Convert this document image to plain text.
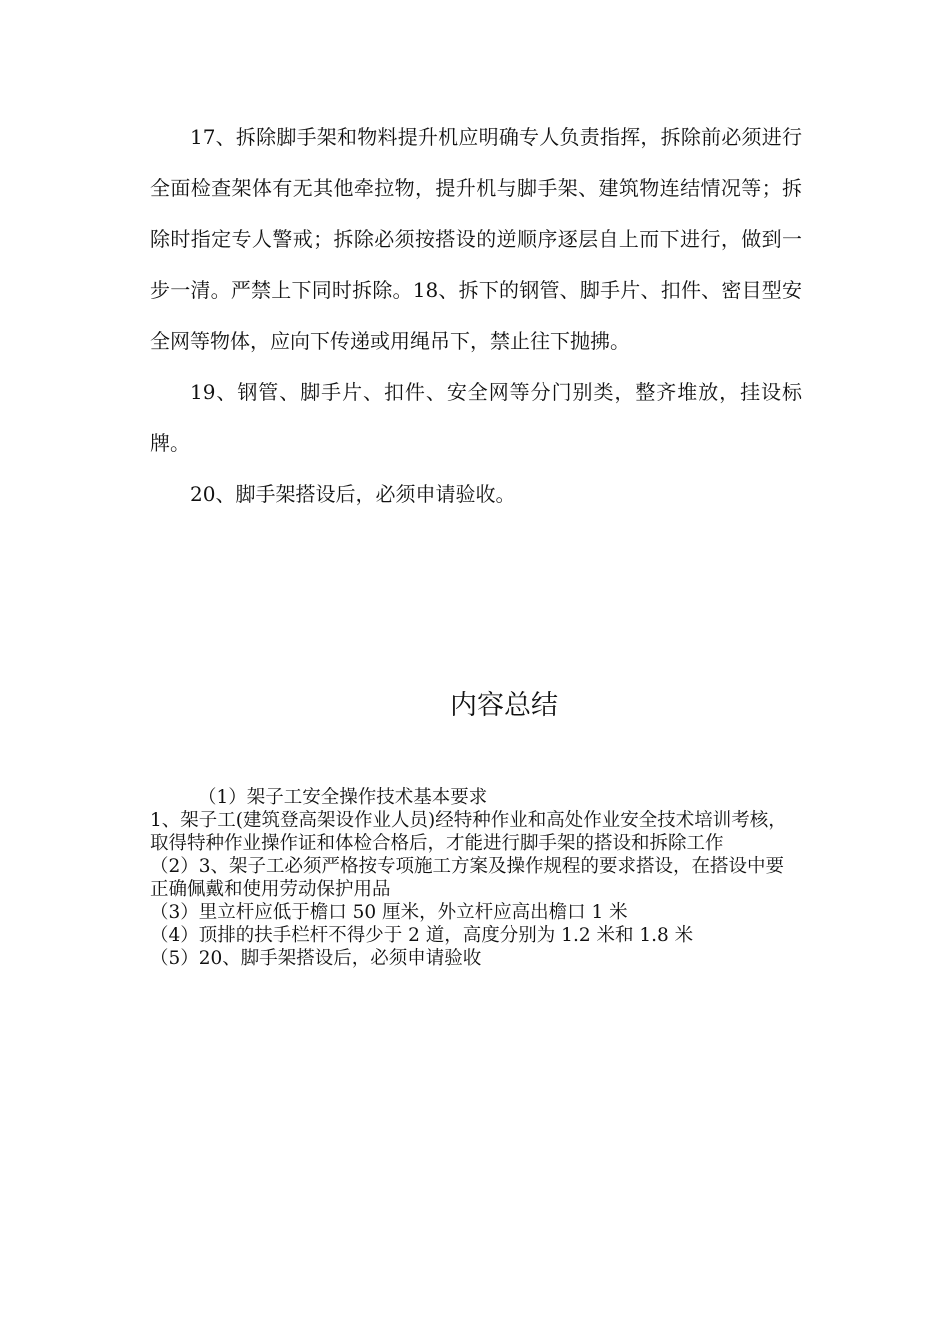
17、拆除脚手架和物料提升机应明确专人负责指挥，拆除前必须进行全面检查架体有无其他牵拉物，提升机与脚手架、建筑物连结情况等；拆除时指定专人警戒；拆除必须按搭设的逆顺序逐层自上而下进行，做到一步一清。严禁上下同时拆除。18、拆下的钢管、脚手片、扣件、密目型安全网等物体，应向下传递或用绳吊下，禁止往下抛拂。

19、钢管、脚手片、扣件、安全网等分门别类，整齐堆放，挂设标牌。

20、脚手架搭设后，必须申请验收。

内容总结

（1）架子工安全操作技术基本要求

1、架子工(建筑登高架设作业人员)经特种作业和高处作业安全技术培训考核，取得特种作业操作证和体检合格后，才能进行脚手架的搭设和拆除工作

（2）3、架子工必须严格按专项施工方案及操作规程的要求搭设，在搭设中要正确佩戴和使用劳动保护用品

（3）里立杆应低于檐口 50 厘米，外立杆应高出檐口 1 米

（4）顶排的扶手栏杆不得少于 2 道，高度分别为 1.2 米和 1.8 米

（5）20、脚手架搭设后，必须申请验收
